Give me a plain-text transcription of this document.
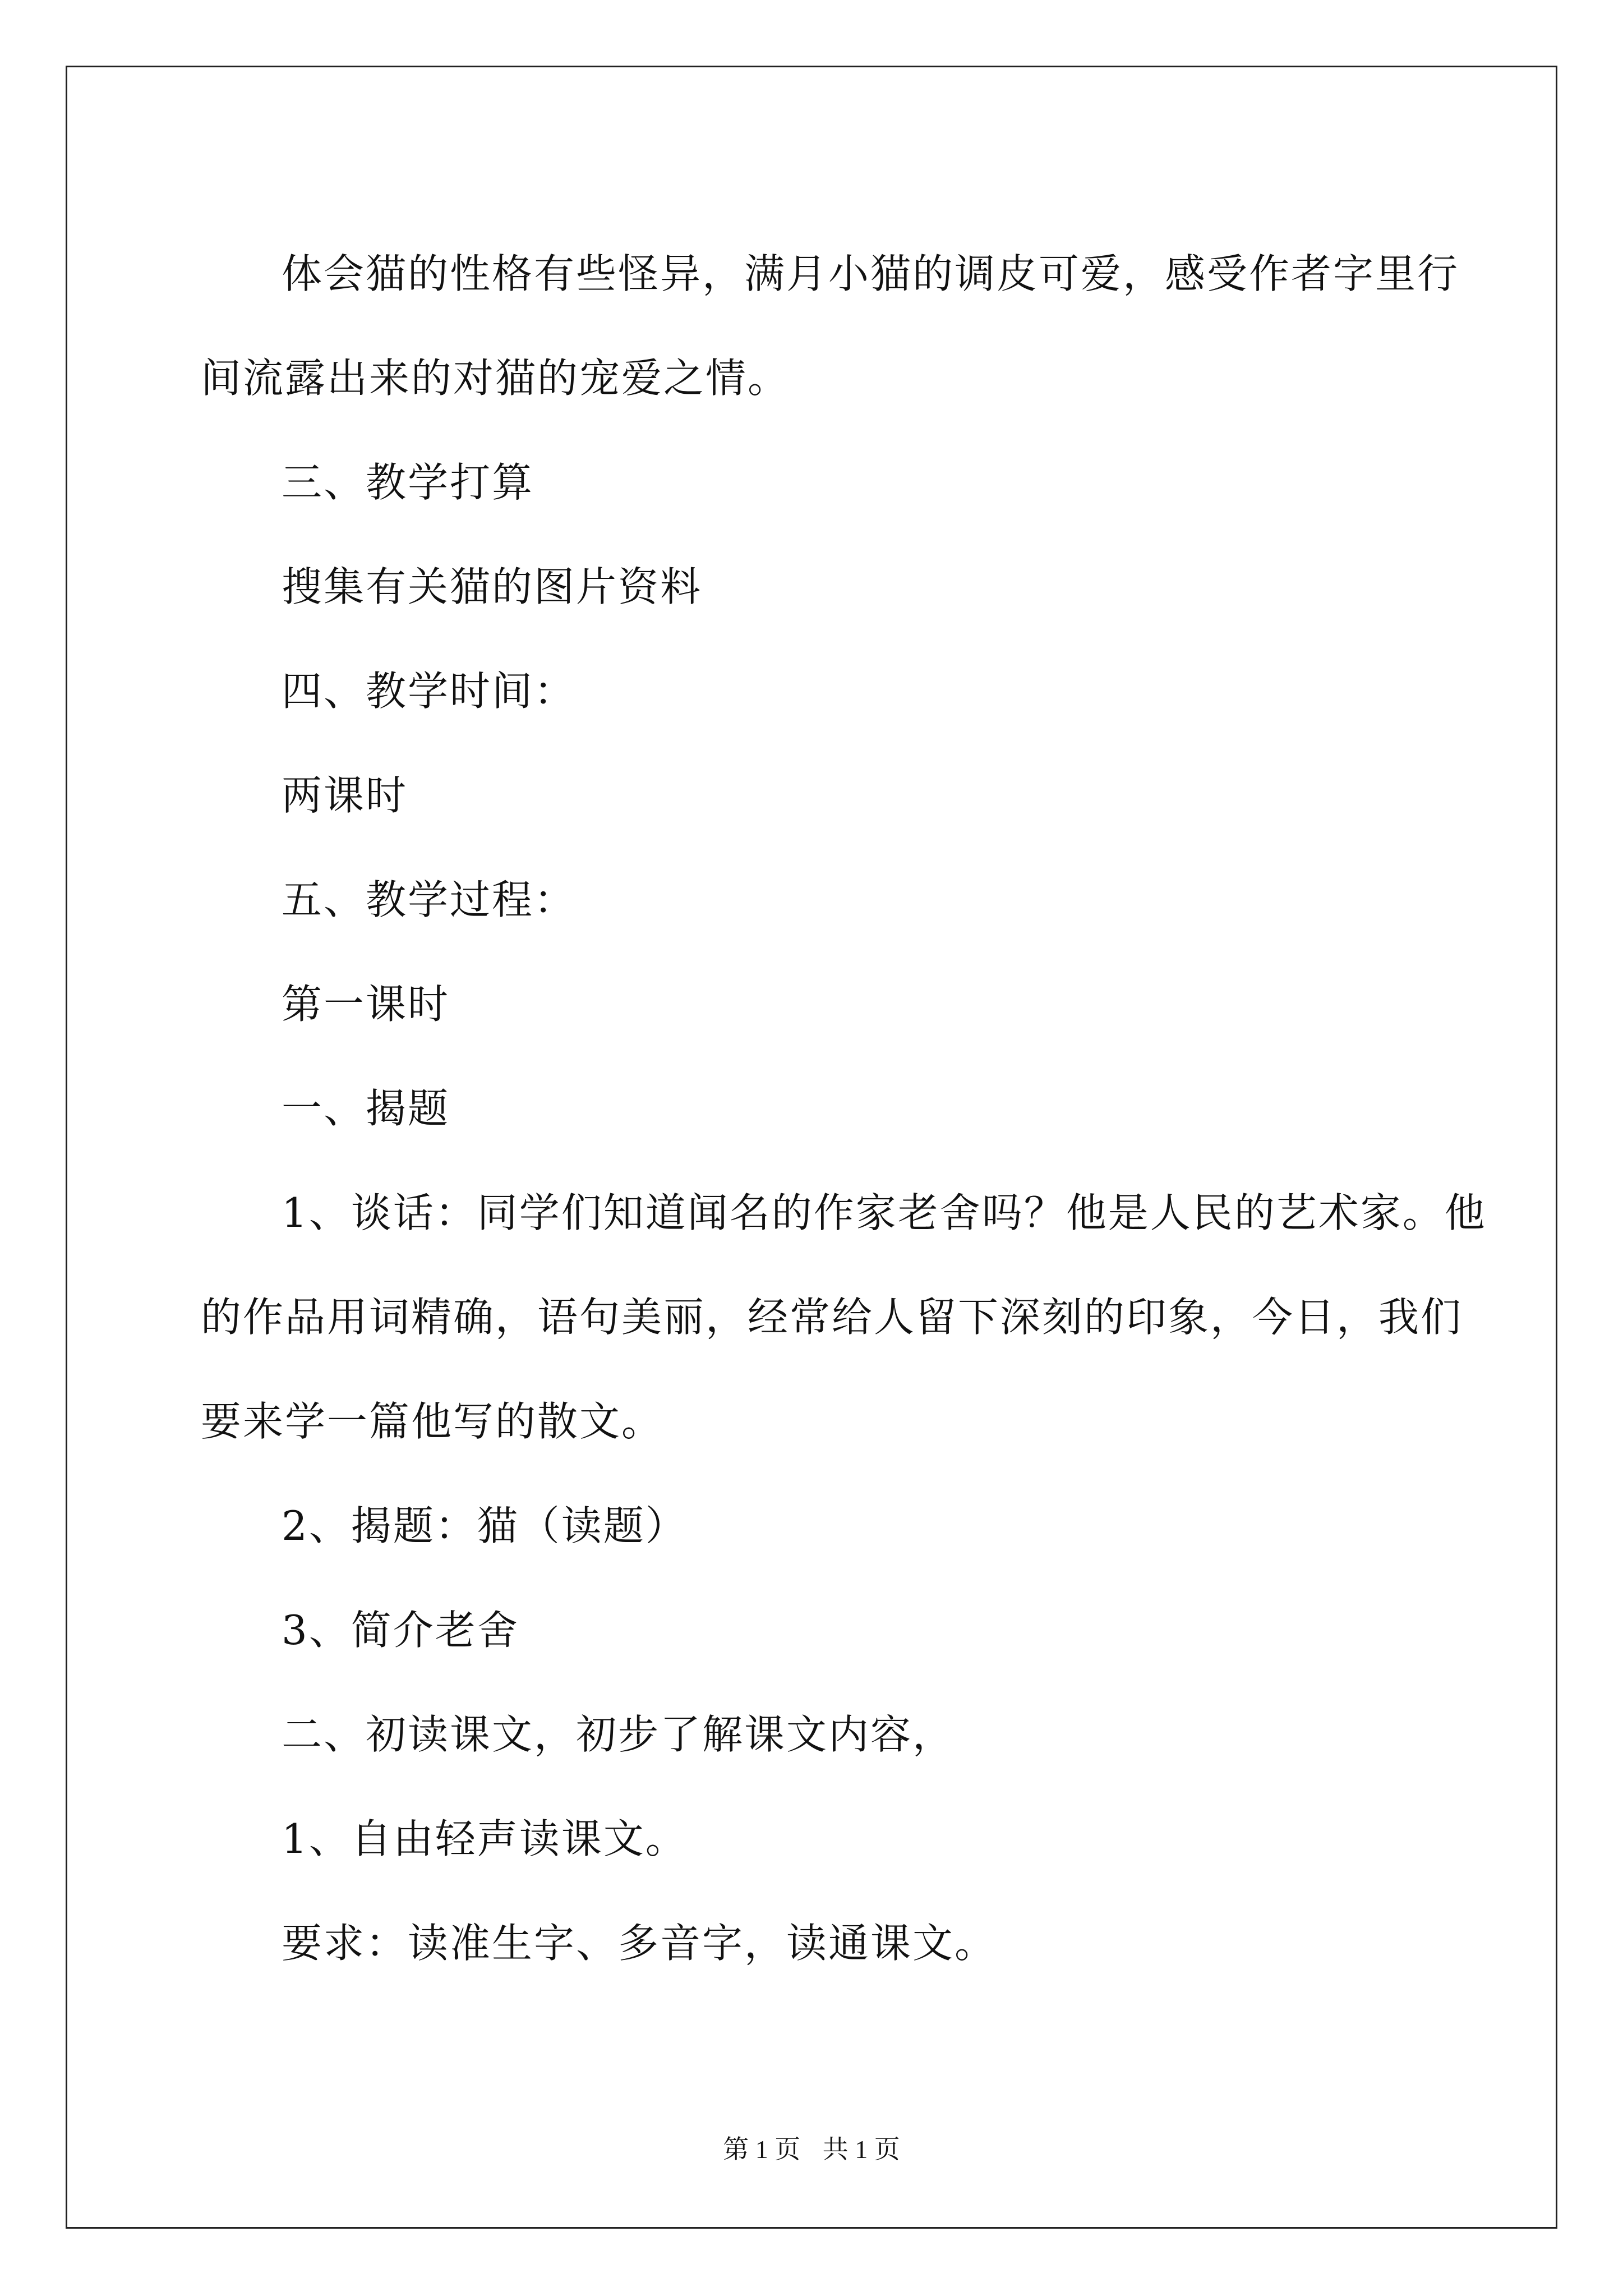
体会猫的性格有些怪异，满月小猫的调皮可爱，感受作者字里行

间流露出来的对猫的宠爱之情。

三、教学打算

搜集有关猫的图片资料

四、教学时间：

两课时

五、教学过程：

第一课时

一、揭题

1、谈话：同学们知道闻名的作家老舍吗？他是人民的艺术家。他

的作品用词精确，语句美丽，经常给人留下深刻的印象，今日，我们

要来学一篇他写的散文。

2、揭题：猫（读题）

3、简介老舍

二、初读课文，初步了解课文内容，

1、自由轻声读课文。

要求：读准生字、多音字，读通课文。

第 1 页 共 1 页
